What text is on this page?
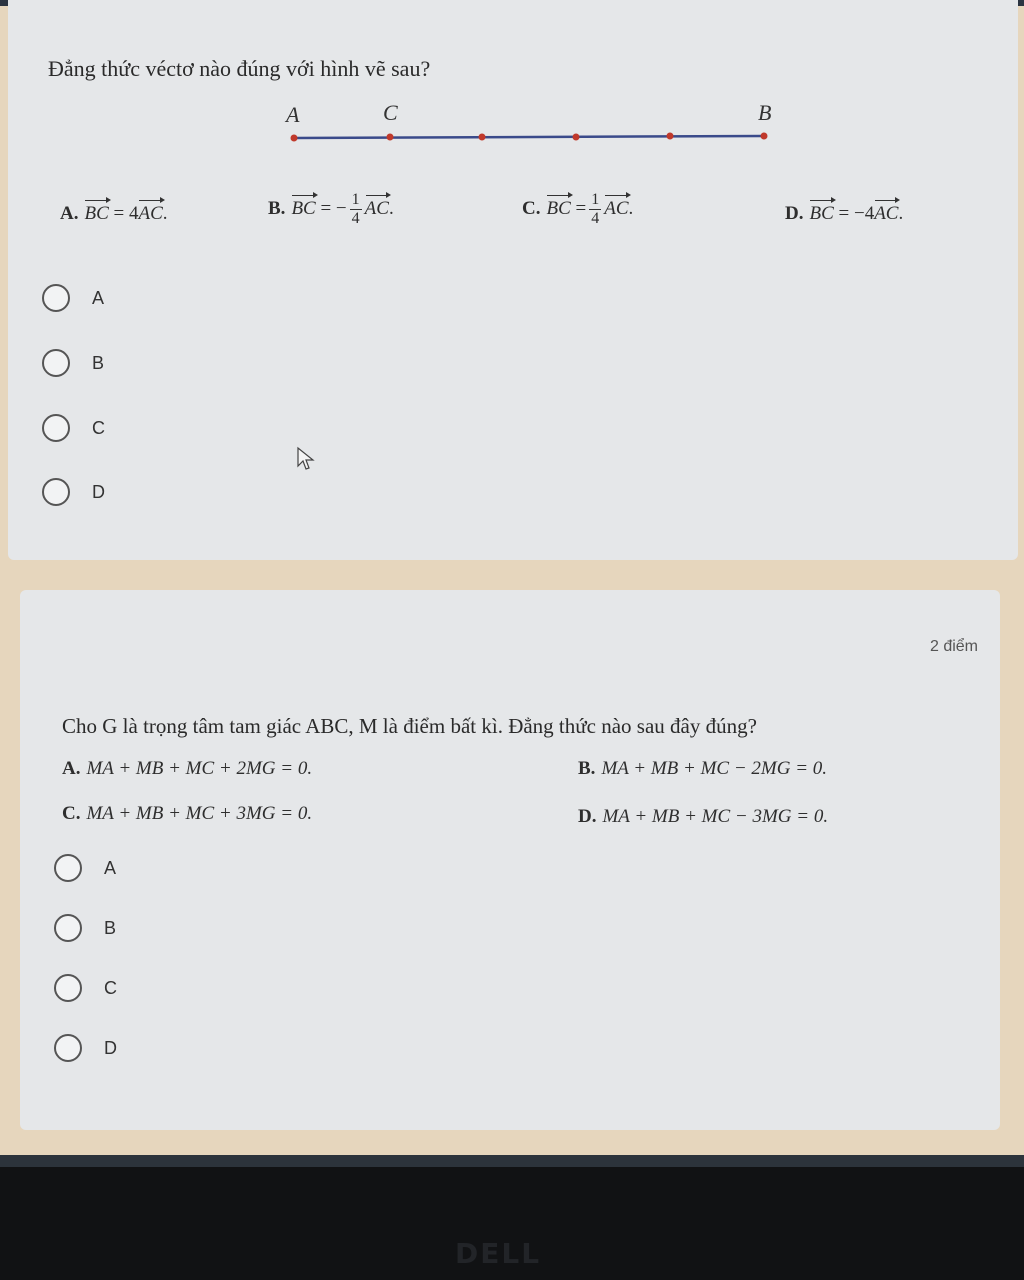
Đẳng thức véctơ nào đúng với hình vẽ sau?
A	C	B
A. BC = 4AC.	B. BC = − $\frac{1}{4}$ AC.	C. BC = $\frac{1}{4}$ AC.	D. BC = −4AC.
A
B
C
D
2 điểm
Cho G là trọng tâm tam giác ABC, M là điểm bất kì. Đẳng thức nào sau đây đúng?
A. MA + MB + MC + 2MG = 0.	B. MA + MB + MC − 2MG = 0.
C. MA + MB + MC + 3MG = 0.	D. MA + MB + MC − 3MG = 0.
A
B
C
D
DELL
